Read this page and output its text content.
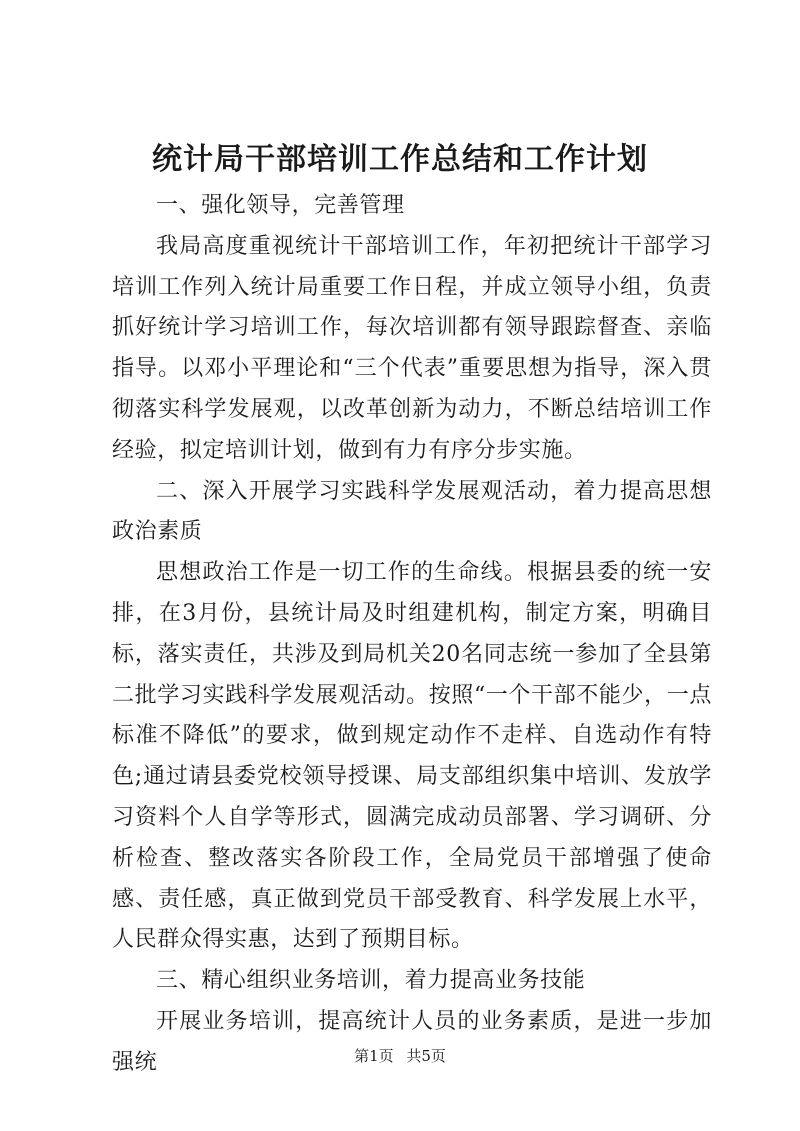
统计局干部培训工作总结和工作计划

一、强化领导，完善管理

我局高度重视统计干部培训工作，年初把统计干部学习培训工作列入统计局重要工作日程，并成立领导小组，负责抓好统计学习培训工作，每次培训都有领导跟踪督查、亲临指导。以邓小平理论和“三个代表”重要思想为指导，深入贯彻落实科学发展观，以改革创新为动力，不断总结培训工作经验，拟定培训计划，做到有力有序分步实施。

二、深入开展学习实践科学发展观活动，着力提高思想政治素质

思想政治工作是一切工作的生命线。根据县委的统一安排，在3月份，县统计局及时组建机构，制定方案，明确目标，落实责任，共涉及到局机关20名同志统一参加了全县第二批学习实践科学发展观活动。按照“一个干部不能少，一点标准不降低”的要求，做到规定动作不走样、自选动作有特色;通过请县委党校领导授课、局支部组织集中培训、发放学习资料个人自学等形式，圆满完成动员部署、学习调研、分析检查、整改落实各阶段工作，全局党员干部增强了使命感、责任感，真正做到党员干部受教育、科学发展上水平，人民群众得实惠，达到了预期目标。

三、精心组织业务培训，着力提高业务技能

开展业务培训，提高统计人员的业务素质，是进一步加强统	第1页 共5页
